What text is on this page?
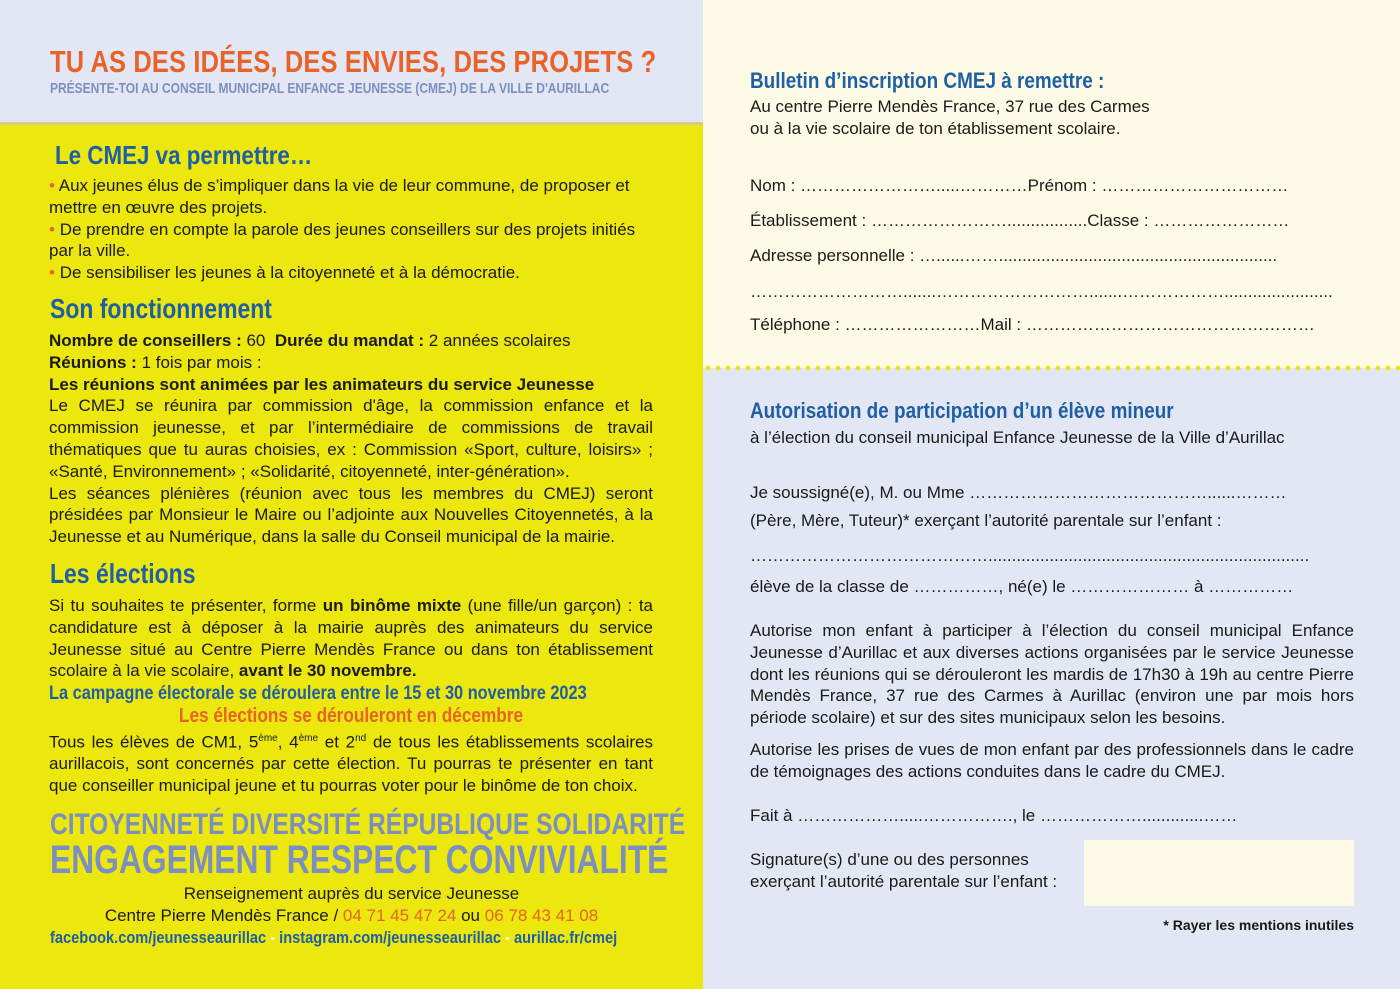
TU AS DES IDÉES, DES ENVIES, DES PROJETS ?
PRÉSENTE-TOI AU CONSEIL MUNICIPAL ENFANCE JEUNESSE (CMEJ) DE LA VILLE D'AURILLAC
Le CMEJ va permettre…

• Aux jeunes élus de s’impliquer dans la vie de leur commune, de proposer et mettre en œuvre des projets.

• De prendre en compte la parole des jeunes conseillers sur des projets initiés par la ville.

• De sensibiliser les jeunes à la citoyenneté et à la démocratie.

Son fonctionnement

Nombre de conseillers : 60  Durée du mandat : 2 années scolaires

Réunions : 1 fois par mois :

Les réunions sont animées par les animateurs du service Jeunesse

Le CMEJ se réunira par commission d'âge, la commission enfance et la commission jeunesse, et par l’intermédiaire de commissions de travail thématiques que tu auras choisies, ex : Commission «Sport, culture, loisirs» ; «Santé, Environnement» ; «Solidarité, citoyenneté, inter-génération».

Les séances plénières (réunion avec tous les membres du CMEJ) seront présidées par Monsieur le Maire ou l’adjointe aux Nouvelles Citoyennetés, à la Jeunesse et au Numérique, dans la salle du Conseil municipal de la mairie.

Les élections

Si tu souhaites te présenter, forme un binôme mixte (une fille/un garçon) : ta candidature est à déposer à la mairie auprès des animateurs du service Jeunesse situé au Centre Pierre Mendès France ou dans ton établissement scolaire à la vie scolaire, avant le 30 novembre.

La campagne électorale se déroulera entre le 15 et 30 novembre 2023
Les élections se dérouleront en décembre

Tous les élèves de CM1, 5ème, 4ème et 2nd de tous les établissements scolaires aurillacois, sont concernés par cette élection. Tu pourras te présenter en tant que conseiller municipal jeune et tu pourras voter pour le binôme de ton choix.

CITOYENNETÉ DIVERSITÉ RÉPUBLIQUE SOLIDARITÉ
ENGAGEMENT RESPECT CONVIVIALITÉ
Renseignement auprès du service Jeunesse
Centre Pierre Mendès France / 04 71 45 47 24 ou 06 78 43 41 08
facebook.com/jeunesseaurillac - instagram.com/jeunesseaurillac - aurillac.fr/cmej
Bulletin d’inscription CMEJ à remettre :
Au centre Pierre Mendès France, 37 rue des Carmes
ou à la vie scolaire de ton établissement scolaire.
Nom : …………………….....…………Prénom : ……………………………
Établissement : …………………….................Classe : ……………………
Adresse personnelle : …......……...........................................................
……………………….......……………………….......……………….......................
Téléphone : ……………………Mail : ……………………………………………
Autorisation de participation d’un élève mineur
à l’élection du conseil municipal Enfance Jeunesse de la Ville d’Aurillac
Je soussigné(e), M. ou Mme ……………………………………......………
(Père, Mère, Tuteur)* exerçant l’autorité parentale sur l’enfant :
……………………………………....................................................................
élève de la classe de ……………, né(e) le ………………… à ……………
Autorise mon enfant à participer à l’élection du conseil municipal Enfance Jeunesse d’Aurillac et aux diverses actions organisées par le service Jeunesse dont les réunions qui se dérouleront les mardis de 17h30 à 19h au centre Pierre Mendès France, 37 rue des Carmes à Aurillac (environ une par mois hors période scolaire) et sur des sites municipaux selon les besoins.
Autorise les prises de vues de mon enfant par des professionnels dans le cadre de témoignages des actions conduites dans le cadre du CMEJ.
Fait à ……………….....……………., le ……………….............……
Signature(s) d’une ou des personnes exerçant l’autorité parentale sur l’enfant :
* Rayer les mentions inutiles
